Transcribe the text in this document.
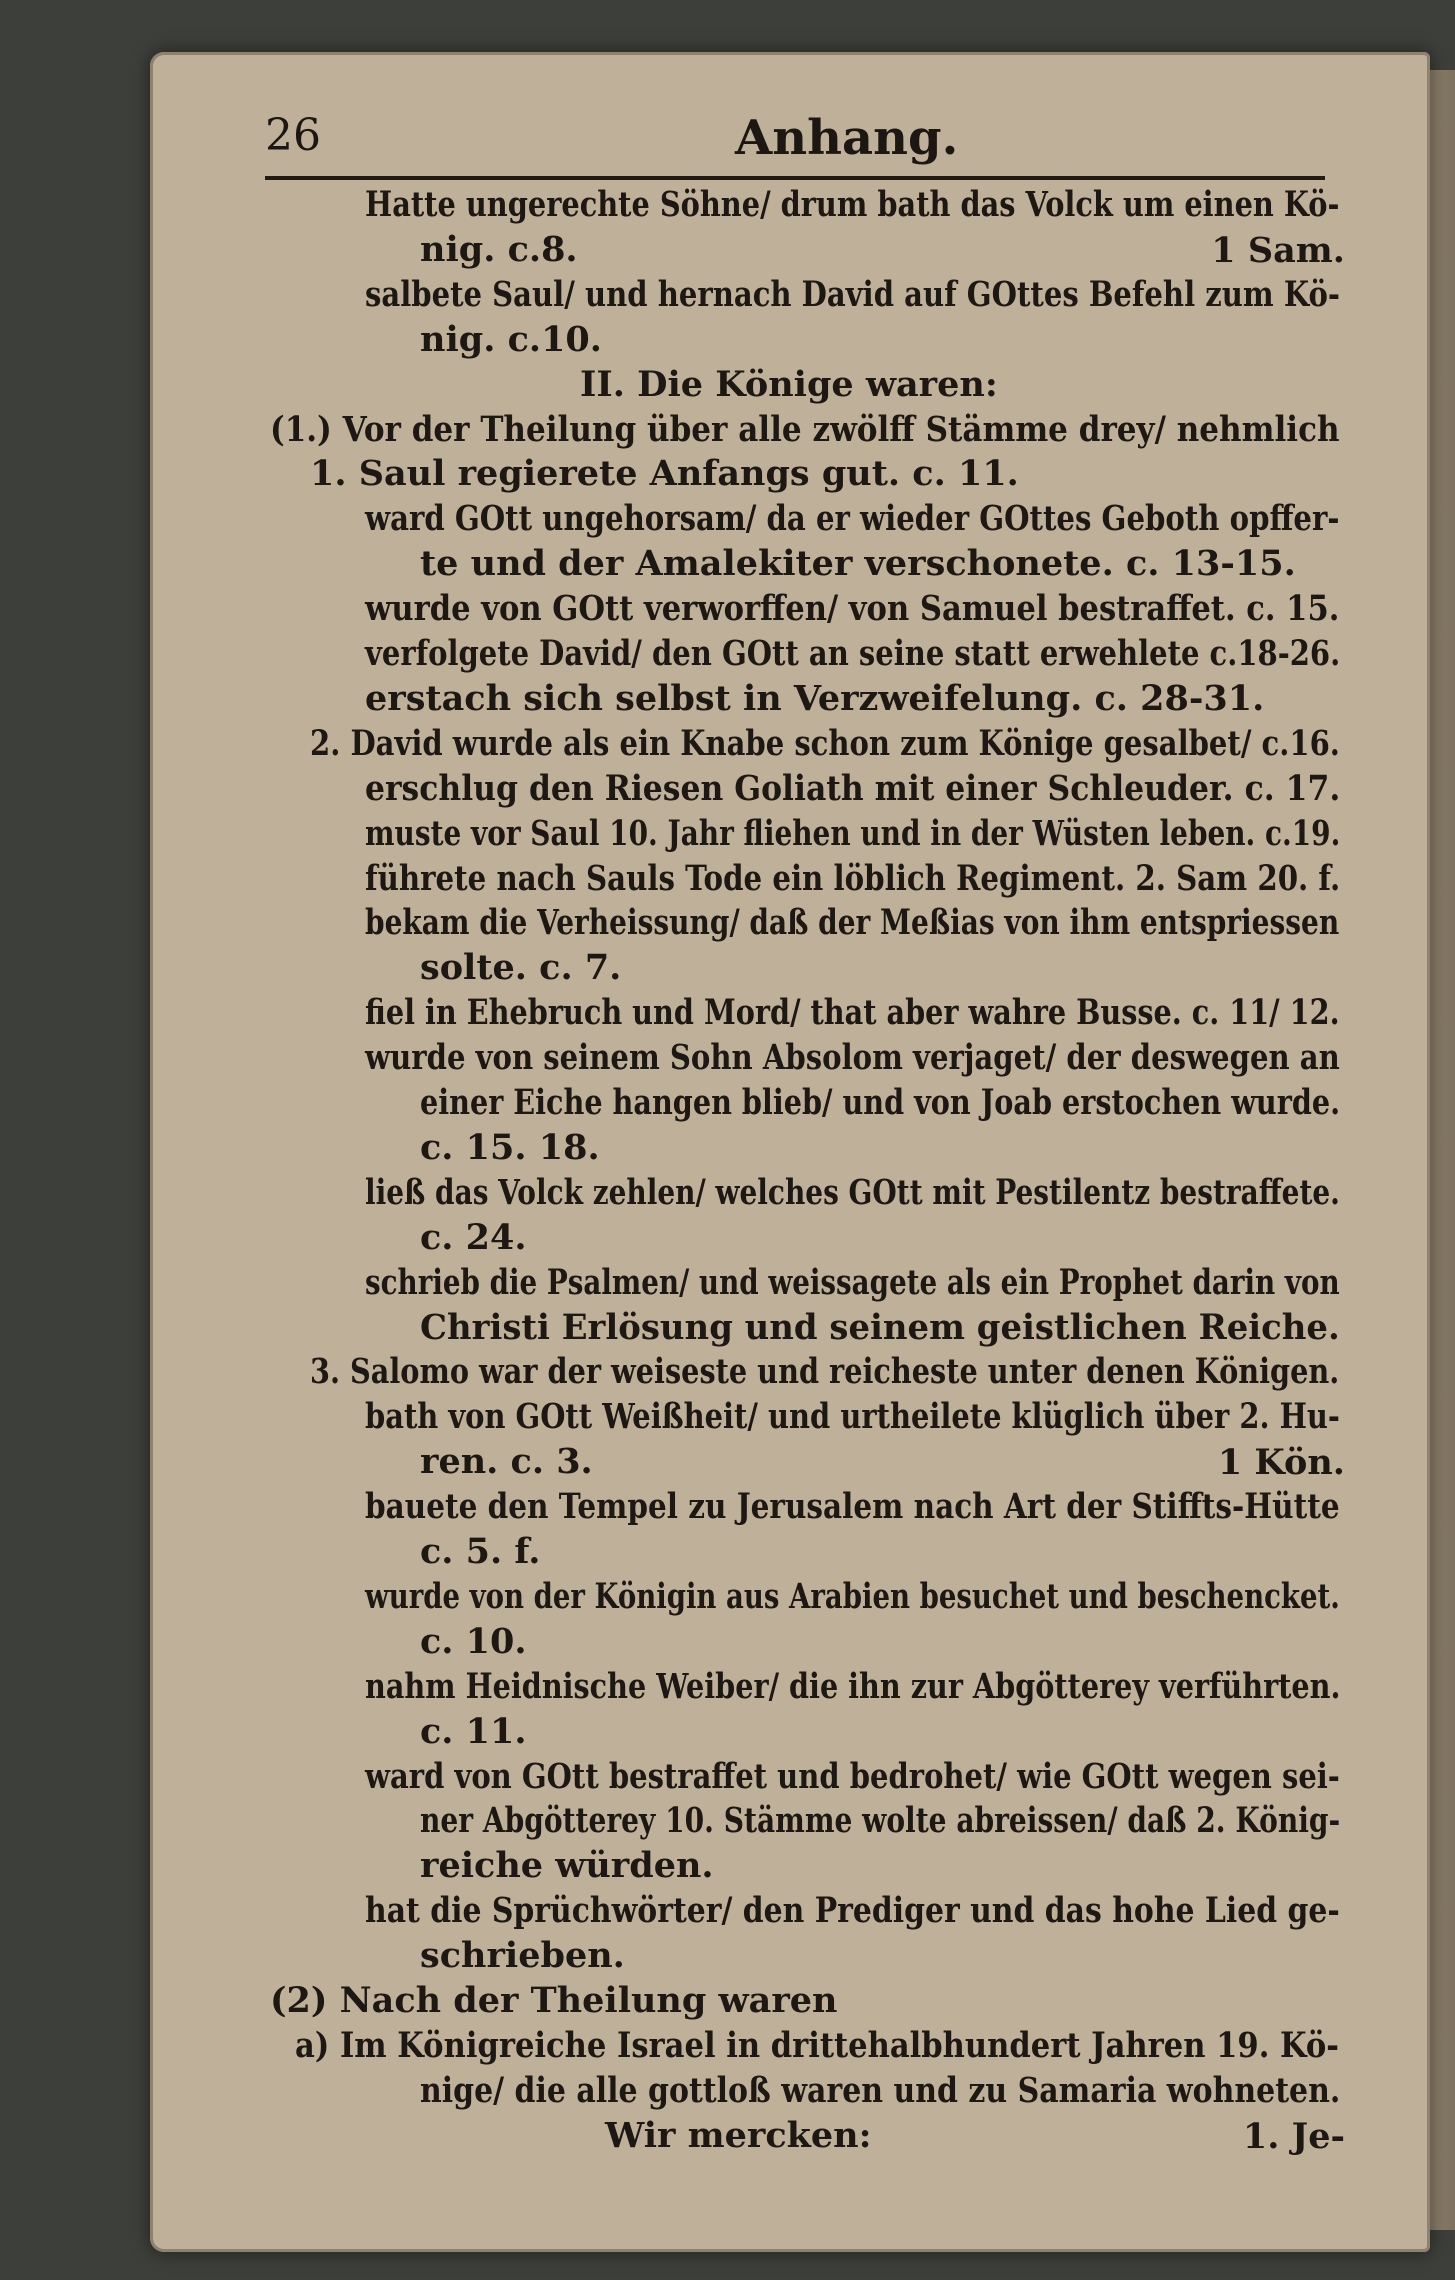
26	Anhang.
Hatte ungerechte Söhne/ drum bath das Volck um einen Kö-
nig. c.8.	1 Sam.
salbete Saul/ und hernach David auf GOttes Befehl zum Kö-
nig. c.10.
II. Die Könige waren:
(1.) Vor der Theilung über alle zwölff Stämme drey/ nehmlich
1. Saul regierete Anfangs gut. c. 11.
ward GOtt ungehorsam/ da er wieder GOttes Geboth opffer-
te und der Amalekiter verschonete. c. 13-15.
wurde von GOtt verworffen/ von Samuel bestraffet. c. 15.
verfolgete David/ den GOtt an seine statt erwehlete c.18-26.
erstach sich selbst in Verzweifelung. c. 28-31.
2. David wurde als ein Knabe schon zum Könige gesalbet/ c.16.
erschlug den Riesen Goliath mit einer Schleuder. c. 17.
muste vor Saul 10. Jahr fliehen und in der Wüsten leben. c.19.
führete nach Sauls Tode ein löblich Regiment. 2. Sam 20. f.
bekam die Verheissung/ daß der Meßias von ihm entspriessen
solte. c. 7.
fiel in Ehebruch und Mord/ that aber wahre Busse. c. 11/ 12.
wurde von seinem Sohn Absolom verjaget/ der deswegen an
einer Eiche hangen blieb/ und von Joab erstochen wurde.
c. 15. 18.
ließ das Volck zehlen/ welches GOtt mit Pestilentz bestraffete.
c. 24.
schrieb die Psalmen/ und weissagete als ein Prophet darin von
Christi Erlösung und seinem geistlichen Reiche.
3. Salomo war der weiseste und reicheste unter denen Königen.
bath von GOtt Weißheit/ und urtheilete klüglich über 2. Hu-
ren. c. 3.	1 Kön.
bauete den Tempel zu Jerusalem nach Art der Stiffts-Hütte
c. 5. f.
wurde von der Königin aus Arabien besuchet und beschencket.
c. 10.
nahm Heidnische Weiber/ die ihn zur Abgötterey verführten.
c. 11.
ward von GOtt bestraffet und bedrohet/ wie GOtt wegen sei-
ner Abgötterey 10. Stämme wolte abreissen/ daß 2. König-
reiche würden.
hat die Sprüchwörter/ den Prediger und das hohe Lied ge-
schrieben.
(2) Nach der Theilung waren
a) Im Königreiche Israel in drittehalbhundert Jahren 19. Kö-
nige/ die alle gottloß waren und zu Samaria wohneten.
Wir mercken:	1. Je-
